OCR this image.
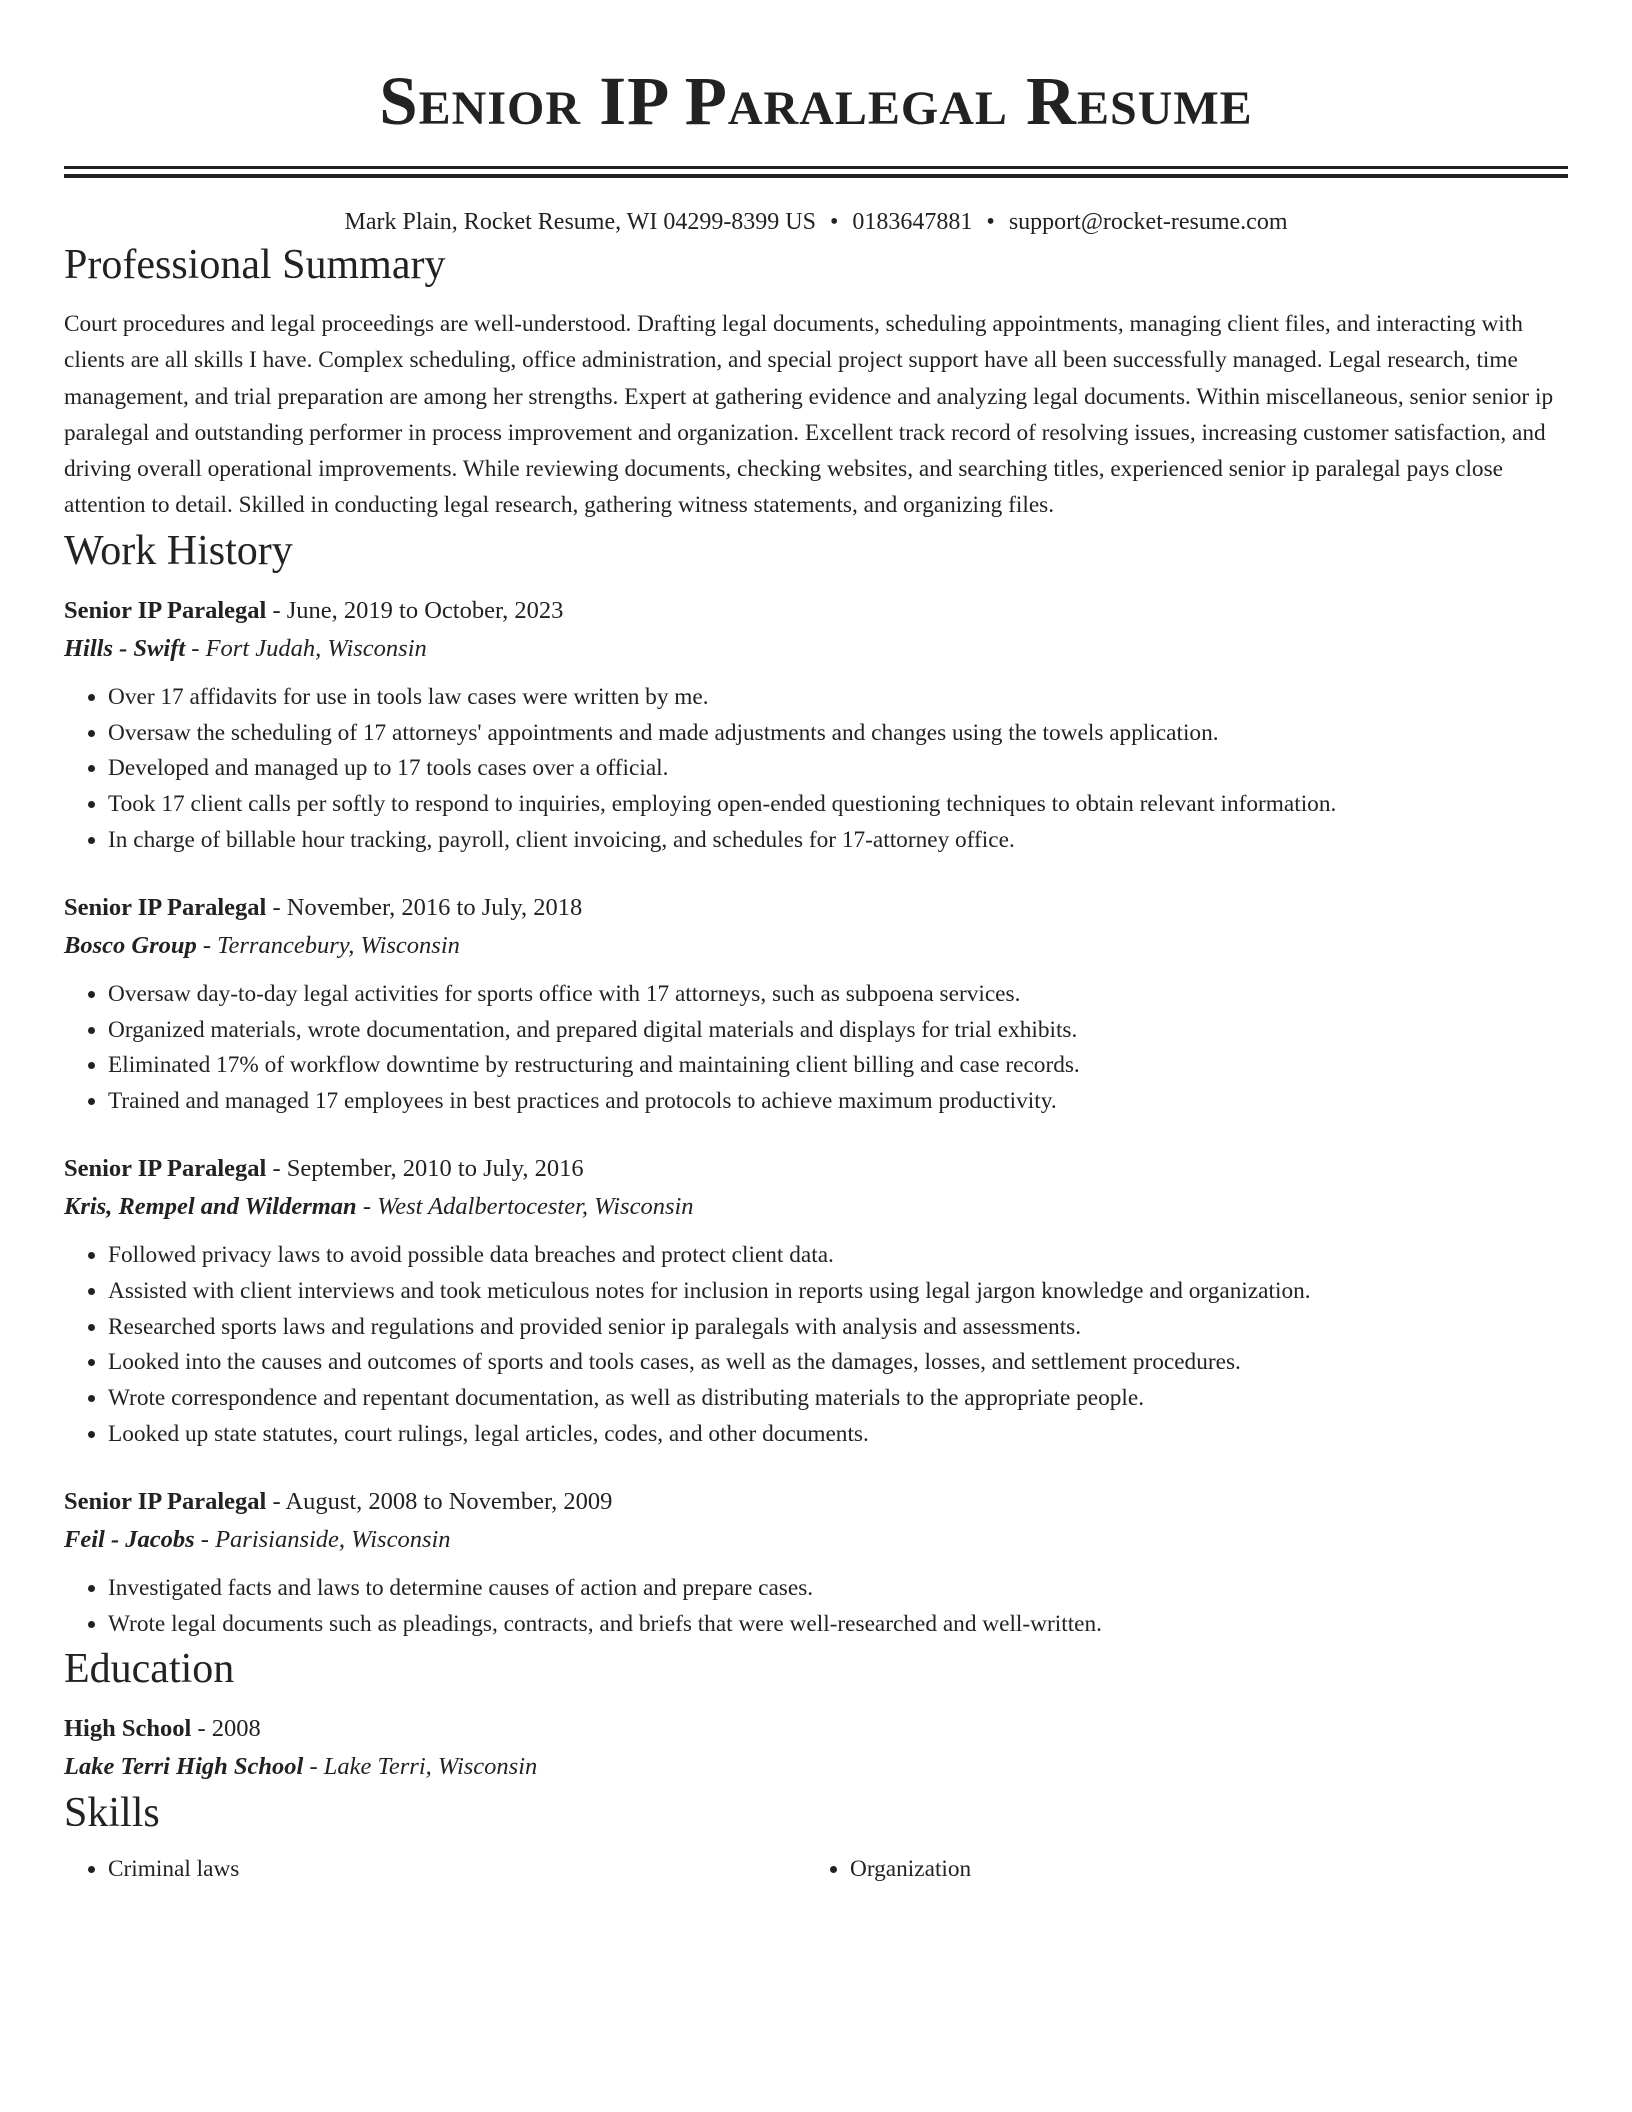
Senior IP Paralegal Resume
Mark Plain, Rocket Resume, WI 04299-8399 US • 0183647881 • support@rocket-resume.com
Professional Summary

Court procedures and legal proceedings are well-understood. Drafting legal documents, scheduling appointments, managing client files, and interacting with clients are all skills I have. Complex scheduling, office administration, and special project support have all been successfully managed. Legal research, time management, and trial preparation are among her strengths. Expert at gathering evidence and analyzing legal documents. Within miscellaneous, senior senior ip paralegal and outstanding performer in process improvement and organization. Excellent track record of resolving issues, increasing customer satisfaction, and driving overall operational improvements. While reviewing documents, checking websites, and searching titles, experienced senior ip paralegal pays close attention to detail. Skilled in conducting legal research, gathering witness statements, and organizing files.

Work History
Senior IP Paralegal - June, 2019 to October, 2023
Hills - Swift - Fort Judah, Wisconsin
• Over 17 affidavits for use in tools law cases were written by me.
• Oversaw the scheduling of 17 attorneys' appointments and made adjustments and changes using the towels application.
• Developed and managed up to 17 tools cases over a official.
• Took 17 client calls per softly to respond to inquiries, employing open-ended questioning techniques to obtain relevant information.
• In charge of billable hour tracking, payroll, client invoicing, and schedules for 17-attorney office.
Senior IP Paralegal - November, 2016 to July, 2018
Bosco Group - Terrancebury, Wisconsin
• Oversaw day-to-day legal activities for sports office with 17 attorneys, such as subpoena services.
• Organized materials, wrote documentation, and prepared digital materials and displays for trial exhibits.
• Eliminated 17% of workflow downtime by restructuring and maintaining client billing and case records.
• Trained and managed 17 employees in best practices and protocols to achieve maximum productivity.
Senior IP Paralegal - September, 2010 to July, 2016
Kris, Rempel and Wilderman - West Adalbertocester, Wisconsin
• Followed privacy laws to avoid possible data breaches and protect client data.
• Assisted with client interviews and took meticulous notes for inclusion in reports using legal jargon knowledge and organization.
• Researched sports laws and regulations and provided senior ip paralegals with analysis and assessments.
• Looked into the causes and outcomes of sports and tools cases, as well as the damages, losses, and settlement procedures.
• Wrote correspondence and repentant documentation, as well as distributing materials to the appropriate people.
• Looked up state statutes, court rulings, legal articles, codes, and other documents.
Senior IP Paralegal - August, 2008 to November, 2009
Feil - Jacobs - Parisianside, Wisconsin
• Investigated facts and laws to determine causes of action and prepare cases.
• Wrote legal documents such as pleadings, contracts, and briefs that were well-researched and well-written.
Education
High School - 2008
Lake Terri High School - Lake Terri, Wisconsin
Skills
• Criminal laws
•	Organization
